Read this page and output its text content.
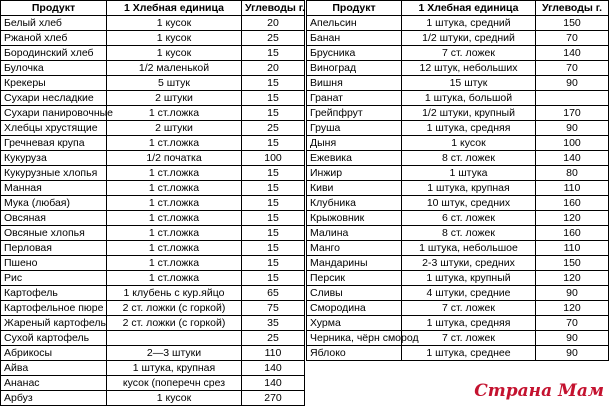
Продукт	1 Хлебная единица	Углеводы г.
Белый хлеб	1 кусок	20
Ржаной хлеб	1 кусок	25
Бородинский хлеб	1 кусок	15
Булочка	1/2 маленькой	20
Крекеры	5 штук	15
Сухари несладкие	2 штуки	15
Сухари панировочные	1 ст.ложка	15
Хлебцы хрустящие	2 штуки	25
Гречневая крупа	1 ст.ложка	15
Кукуруза	1/2 початка	100
Кукурузные хлопья	1 ст.ложка	15
Манная	1 ст.ложка	15
Мука (любая)	1 ст.ложка	15
Овсяная	1 ст.ложка	15
Овсяные хлопья	1 ст.ложка	15
Перловая	1 ст.ложка	15
Пшено	1 ст.ложка	15
Рис	1 ст.ложка	15
Картофель	1 клубень с кур.яйцо	65
Картофельное пюре	2 ст. ложки (с горкой)	75
Жареный картофель	2 ст. ложки (с горкой)	35
Сухой картофель		25
Абрикосы	2—3 штуки	110
Айва	1 штука, крупная	140
Ананас	кусок (поперечн срез	140
Арбуз	1 кусок	270
Продукт	1 Хлебная единица	Углеводы г.
Апельсин	1 штука, средний	150
Банан	1/2 штуки, средний	70
Брусника	7 ст. ложек	140
Виноград	12 штук, небольших	70
Вишня	15 штук	90
Гранат	1 штука, большой	
Грейпфрут	1/2 штуки, крупный	170
Груша	1 штука, средняя	90
Дыня	1 кусок	100
Ежевика	8 ст. ложек	140
Инжир	1 штука	80
Киви	1 штука, крупная	110
Клубника	10 штук, средних	160
Крыжовник	6 ст. ложек	120
Малина	8 ст. ложек	160
Манго	1 штука, небольшое	110
Мандарины	2-3 штуки, средних	150
Персик	1 штука, крупный	120
Сливы	4 штуки, средние	90
Смородина	7 ст. ложек	120
Хурма	1 штука, средняя	70
Черника, чёрн смород	7 ст. ложек	90
Яблоко	1 штука, среднее	90
Страна Мам
